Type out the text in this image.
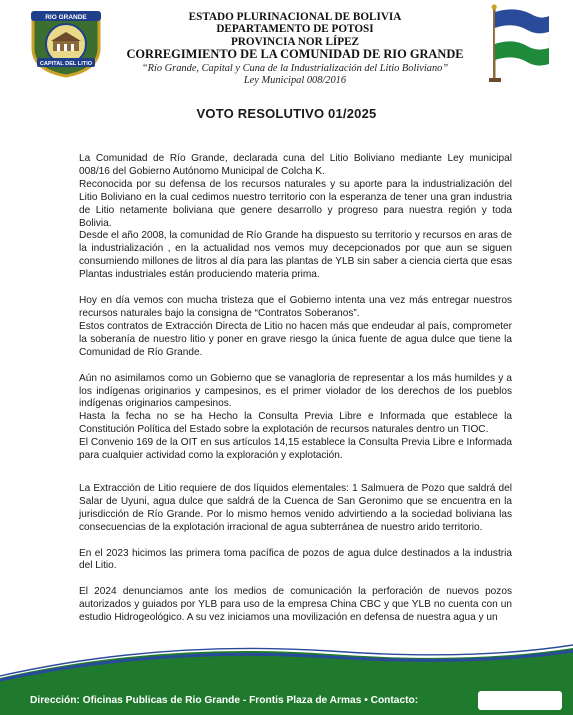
RIO GRANDE
CAPITAL DEL LITIO
ESTADO PLURINACIONAL DE BOLIVIA
DEPARTAMENTO DE POTOSI
PROVINCIA NOR LÍPEZ
CORREGIMIENTO DE LA COMUNIDAD DE RIO GRANDE
“Río Grande, Capital y Cuna de la Industrialización del Litio Boliviano”
Ley Municipal 008/2016
VOTO RESOLUTIVO 01/2025

La Comunidad de Río Grande, declarada cuna del Litio Boliviano mediante Ley municipal 008/16 del Gobierno Autónomo Municipal de Colcha K.

Reconocida por su defensa de los recursos naturales y su aporte para la industrialización del Litio Boliviano en la cual cedimos nuestro territorio con la esperanza de tener una gran industria de Litio netamente boliviana que genere desarrollo y progreso para nuestra región y toda Bolivia.

Desde el año 2008, la comunidad de Río Grande ha dispuesto su territorio y recursos en aras de la industrialización , en la actualidad nos vemos muy decepcionados por que aun se siguen consumiendo millones de litros al día para las plantas de YLB sin saber a ciencia cierta que esas Plantas industriales están produciendo materia prima.

Hoy en día vemos con mucha tristeza que el Gobierno intenta una vez más entregar nuestros recursos naturales bajo la consigna de “Contratos Soberanos”.

Estos contratos de Extracción Directa de Litio no hacen más que endeudar al país, comprometer la soberanía de nuestro litio y poner en grave riesgo la única fuente de agua dulce que tiene la Comunidad de Río Grande.

Aún no asimilamos como un Gobierno que se vanagloria de representar a los más humildes y a los indígenas originarios y campesinos, es el primer violador de los derechos de los pueblos indígenas originarios campesinos.

Hasta la fecha no se ha Hecho la Consulta Previa Libre e Informada que establece la Constitución Política del Estado sobre la explotación de recursos naturales dentro un TIOC.

El Convenio 169 de la OIT en sus artículos 14,15 establece la Consulta Previa Libre e Informada para cualquier actividad como la exploración y explotación.

La Extracción de Litio requiere de dos líquidos elementales: 1 Salmuera de Pozo que saldrá del Salar de Uyuni, agua dulce que saldrá de la Cuenca de San Geronimo que se encuentra en la jurisdicción de Río Grande. Por lo mismo hemos venido advirtiendo a la sociedad boliviana las consecuencias de la explotación irracional de agua subterránea de nuestro arido territorio.

En el 2023 hicimos las primera toma pacífica de pozos de agua dulce destinados a la industria del Litio.

El 2024 denunciamos ante los medios de comunicación la perforación de nuevos pozos autorizados y guiados por YLB para uso de la empresa China CBC y que YLB no cuenta con un estudio Hidrogeológico. A su vez iniciamos una movilización en defensa de nuestra agua y un

Dirección: Oficinas Publicas de Rio Grande - Frontis Plaza de Armas • Contacto:
